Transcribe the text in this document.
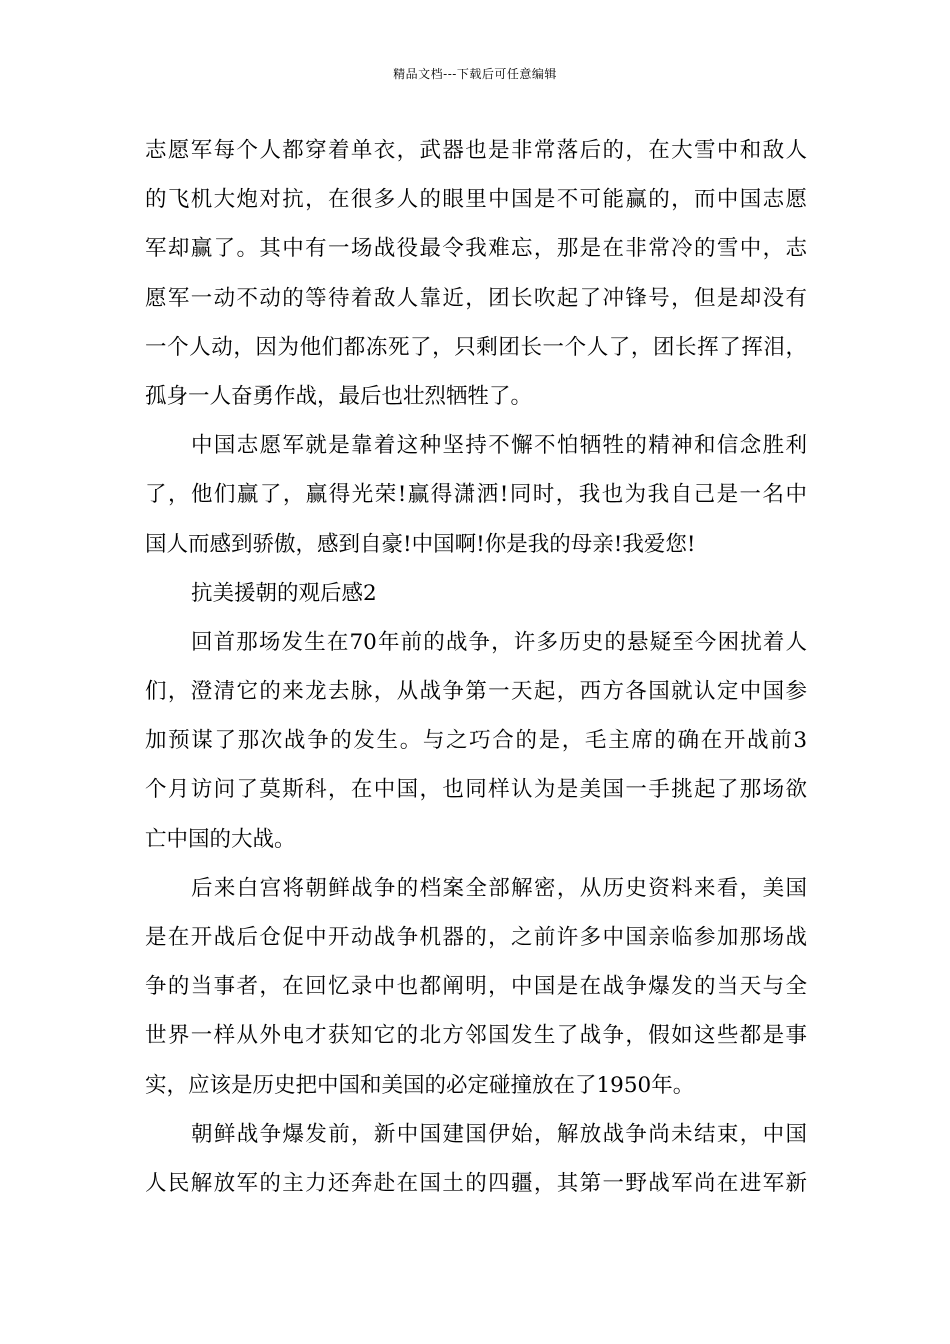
精品文档---下载后可任意编辑
志愿军每个人都穿着单衣，武器也是非常落后的，在大雪中和敌人
的飞机大炮对抗，在很多人的眼里中国是不可能赢的，而中国志愿
军却赢了。其中有一场战役最令我难忘，那是在非常冷的雪中，志
愿军一动不动的等待着敌人靠近，团长吹起了冲锋号，但是却没有
一个人动，因为他们都冻死了，只剩团长一个人了，团长挥了挥泪，
孤身一人奋勇作战，最后也壮烈牺牲了。
中国志愿军就是靠着这种坚持不懈不怕牺牲的精神和信念胜利
了，他们赢了，赢得光荣!赢得潇洒!同时，我也为我自己是一名中
国人而感到骄傲，感到自豪!中国啊!你是我的母亲!我爱您!
抗美援朝的观后感2
回首那场发生在70年前的战争，许多历史的悬疑至今困扰着人
们，澄清它的来龙去脉，从战争第一天起，西方各国就认定中国参
加预谋了那次战争的发生。与之巧合的是，毛主席的确在开战前3
个月访问了莫斯科，在中国，也同样认为是美国一手挑起了那场欲
亡中国的大战。
后来白宫将朝鲜战争的档案全部解密，从历史资料来看，美国
是在开战后仓促中开动战争机器的，之前许多中国亲临参加那场战
争的当事者，在回忆录中也都阐明，中国是在战争爆发的当天与全
世界一样从外电才获知它的北方邻国发生了战争，假如这些都是事
实，应该是历史把中国和美国的必定碰撞放在了1950年。
朝鲜战争爆发前，新中国建国伊始，解放战争尚未结束，中国
人民解放军的主力还奔赴在国土的四疆，其第一野战军尚在进军新
